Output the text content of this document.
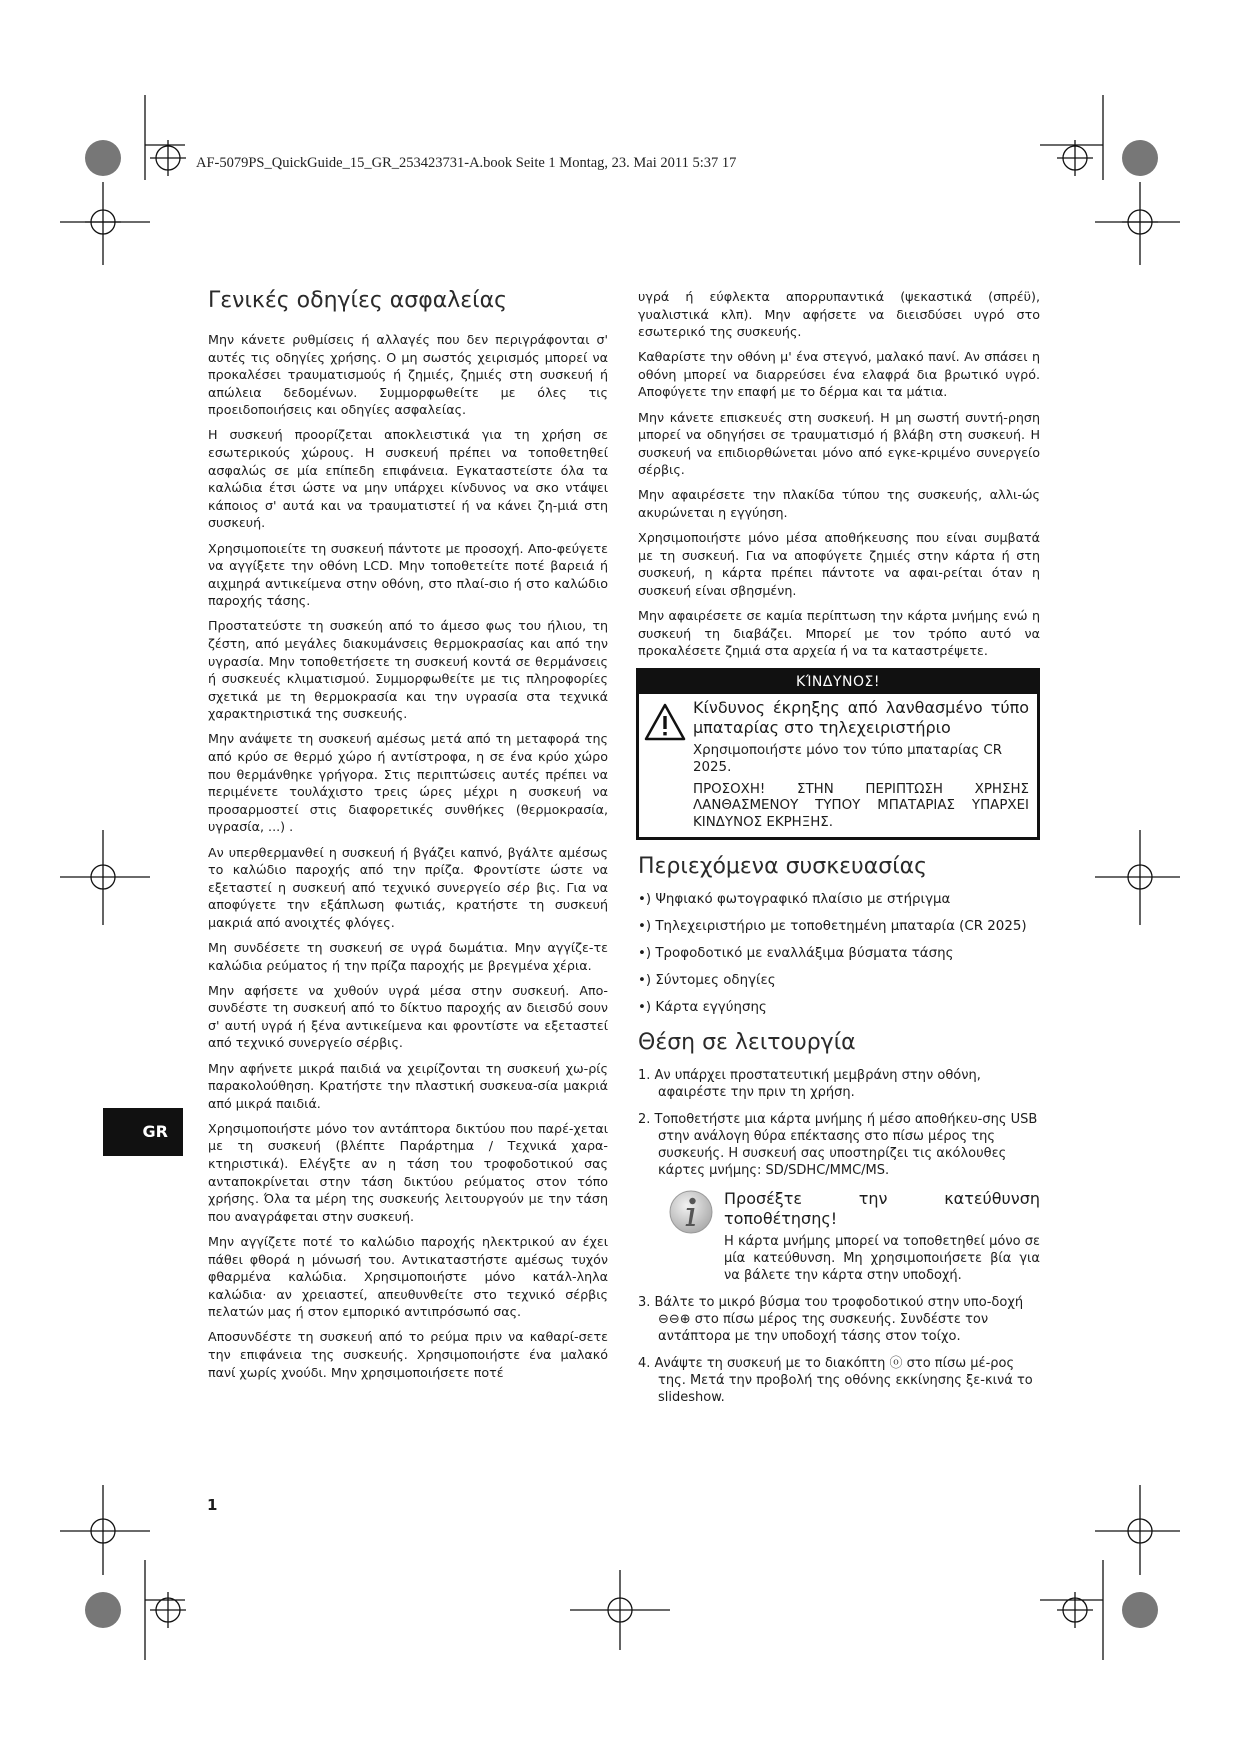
AF-5079PS_QuickGuide_15_GR_253423731-A.book Seite 1 Montag, 23. Mai 2011 5:37 17
Γενικές οδηγίες ασφαλείας

Μην κάνετε ρυθμίσεις ή αλλαγές που δεν περιγράφονται σ' αυτές τις οδηγίες χρήσης. Ο μη σωστός χειρισμός μπορεί να προκαλέσει τραυματισμούς ή ζημιές, ζημιές στη συσκευή ή απώλεια δεδομένων. Συμμορφωθείτε με όλες τις προειδοποιήσεις και οδηγίες ασφαλείας.

Η συσκευή προορίζεται αποκλειστικά για τη χρήση σε εσωτερικούς χώρους. Η συσκευή πρέπει να τοποθετηθεί ασφαλώς σε μία επίπεδη επιφάνεια. Εγκαταστείστε όλα τα καλώδια έτσι ώστε να μην υπάρχει κίνδυνος να σκο ντάψει κάποιος σ' αυτά και να τραυματιστεί ή να κάνει ζη-μιά στη συσκευή.

Χρησιμοποιείτε τη συσκευή πάντοτε με προσοχή. Απο-φεύγετε να αγγίξετε την οθόνη LCD. Μην τοποθετείτε ποτέ βαρειά ή αιχμηρά αντικείμενα στην οθόνη, στο πλαί-σιο ή στο καλώδιο παροχής τάσης.

Προστατεύστε τη συσκεύη από το άμεσο φως του ήλιου, τη ζέστη, από μεγάλες διακυμάνσεις θερμοκρασίας και από την υγρασία. Μην τοποθετήσετε τη συσκευή κοντά σε θερμάνσεις ή συσκευές κλιματισμού. Συμμορφωθείτε με τις πληροφορίες σχετικά με τη θερμοκρασία και την υγρασία στα τεχνικά χαρακτηριστικά της συσκευής.

Μην ανάψετε τη συσκευή αμέσως μετά από τη μεταφορά της από κρύο σε θερμό χώρο ή αντίστροφα, η σε ένα κρύο χώρο που θερμάνθηκε γρήγορα. Στις περιπτώσεις αυτές πρέπει να περιμένετε τουλάχιστο τρεις ώρες μέχρι η συσκευή να προσαρμοστεί στις διαφορετικές συνθήκες (θερμοκρασία, υγρασία, ...) .

Αν υπερθερμανθεί η συσκευή ή βγάζει καπνό, βγάλτε αμέσως το καλώδιο παροχής από την πρίζα. Φροντίστε ώστε να εξεταστεί η συσκευή από τεχνικό συνεργείο σέρ βις. Για να αποφύγετε την εξάπλωση φωτιάς, κρατήστε τη συσκευή μακριά από ανοιχτές φλόγες.

Μη συνδέσετε τη συσκευή σε υγρά δωμάτια. Μην αγγίζε-τε καλώδια ρεύματος ή την πρίζα παροχής με βρεγμένα χέρια.

Μην αφήσετε να χυθούν υγρά μέσα στην συσκευή. Απο-συνδέστε τη συσκευή από το δίκτυο παροχής αν διεισδύ σουν σ' αυτή υγρά ή ξένα αντικείμενα και φροντίστε να εξεταστεί από τεχνικό συνεργείο σέρβις.

Μην αφήνετε μικρά παιδιά να χειρίζονται τη συσκευή χω-ρίς παρακολούθηση. Κρατήστε την πλαστική συσκευα-σία μακριά από μικρά παιδιά.

Χρησιμοποιήστε μόνο τον αντάπτορα δικτύου που παρέ-χεται με τη συσκευή (βλέπτε Παράρτημα / Τεχνικά χαρα-κτηριστικά). Ελέγξτε αν η τάση του τροφοδοτικού σας ανταποκρίνεται στην τάση δικτύου ρεύματος στον τόπο χρήσης. Όλα τα μέρη της συσκευής λειτουργούν με την τάση που αναγράφεται στην συσκευή.

Μην αγγίζετε ποτέ το καλώδιο παροχής ηλεκτρικού αν έχει πάθει φθορά η μόνωσή του. Αντικαταστήστε αμέσως τυχόν φθαρμένα καλώδια. Χρησιμοποιήστε μόνο κατάλ-ληλα καλώδια· αν χρειαστεί, απευθυνθείτε στο τεχνικό σέρβις πελατών μας ή στον εμπορικό αντιπρόσωπό σας.

Αποσυνδέστε τη συσκευή από το ρεύμα πριν να καθαρί-σετε την επιφάνεια της συσκευής. Χρησιμοποιήστε ένα μαλακό πανί χωρίς χνούδι. Μην χρησιμοποιήσετε ποτέ

υγρά ή εύφλεκτα απορρυπαντικά (ψεκαστικά (σπρέϋ), γυαλιστικά κλπ). Μην αφήσετε να διεισδύσει υγρό στο εσωτερικό της συσκευής.

Καθαρίστε την οθόνη μ' ένα στεγνό, μαλακό πανί. Αν σπάσει η οθόνη μπορεί να διαρρεύσει ένα ελαφρά δια βρωτικό υγρό. Αποφύγετε την επαφή με το δέρμα και τα μάτια.

Μην κάνετε επισκευές στη συσκευή. Η μη σωστή συντή-ρηση μπορεί να οδηγήσει σε τραυματισμό ή βλάβη στη συσκευή. Η συσκευή να επιδιορθώνεται μόνο από εγκε-κριμένο συνεργείο σέρβις.

Μην αφαιρέσετε την πλακίδα τύπου της συσκευής, αλλι-ώς ακυρώνεται η εγγύηση.

Χρησιμοποιήστε μόνο μέσα αποθήκευσης που είναι συμβατά με τη συσκευή. Για να αποφύγετε ζημιές στην κάρτα ή στη συσκευή, η κάρτα πρέπει πάντοτε να αφαι-ρείται όταν η συσκευή είναι σβησμένη.

Μην αφαιρέσετε σε καμία περίπτωση την κάρτα μνήμης ενώ η συσκευή τη διαβάζει. Μπορεί με τον τρόπο αυτό να προκαλέσετε ζημιά στα αρχεία ή να τα καταστρέψετε.

ΚΊΝΔΥΝΟΣ!

Κίνδυνος έκρηξης από λανθασμένο τύπο μπαταρίας στο τηλεχειριστήριο

Χρησιμοποιήστε μόνο τον τύπο μπαταρίας CR 2025.

ΠΡΟΣΟΧΗ! ΣΤΗΝ ΠΕΡΙΠΤΩΣΗ ΧΡΗΣΗΣ ΛΑΝΘΑΣΜΕΝΟΥ ΤΥΠΟΥ ΜΠΑΤΑΡΙΑΣ ΥΠΑΡΧΕΙ ΚΙΝΔΥΝΟΣ ΕΚΡΗΞΗΣ.

Περιεχόμενα συσκευασίας

•) Ψηφιακό φωτογραφικό πλαίσιο με στήριγμα

•) Τηλεχειριστήριο με τοποθετημένη μπαταρία (CR 2025)

•) Τροφοδοτικό με εναλλάξιμα βύσματα τάσης

•) Σύντομες οδηγίες

•) Κάρτα εγγύησης

Θέση σε λειτουργία

1. Αν υπάρχει προστατευτική μεμβράνη στην οθόνη, αφαιρέστε την πριν τη χρήση.

2. Τοποθετήστε μια κάρτα μνήμης ή μέσο αποθήκευ-σης USB στην ανάλογη θύρα επέκτασης στο πίσω μέρος της συσκευής. Η συσκευή σας υποστηρίζει τις ακόλουθες κάρτες μνήμης: SD/SDHC/MMC/MS.

Προσέξτε την κατεύθυνση τοποθέτησης!

Η κάρτα μνήμης μπορεί να τοποθετηθεί μόνο σε μία κατεύθυνση. Μη χρησιμοποιήσετε βία για να βάλετε την κάρτα στην υποδοχή.

3. Βάλτε το μικρό βύσμα του τροφοδοτικού στην υπο-δοχή ⊖⊖⊕ στο πίσω μέρος της συσκευής. Συνδέστε τον αντάπτορα με την υποδοχή τάσης στον τοίχο.

4. Ανάψτε τη συσκευή με το διακόπτη ⓞ στο πίσω μέ-ρος της. Μετά την προβολή της οθόνης εκκίνησης ξε-κινά το slideshow.

GR
1
